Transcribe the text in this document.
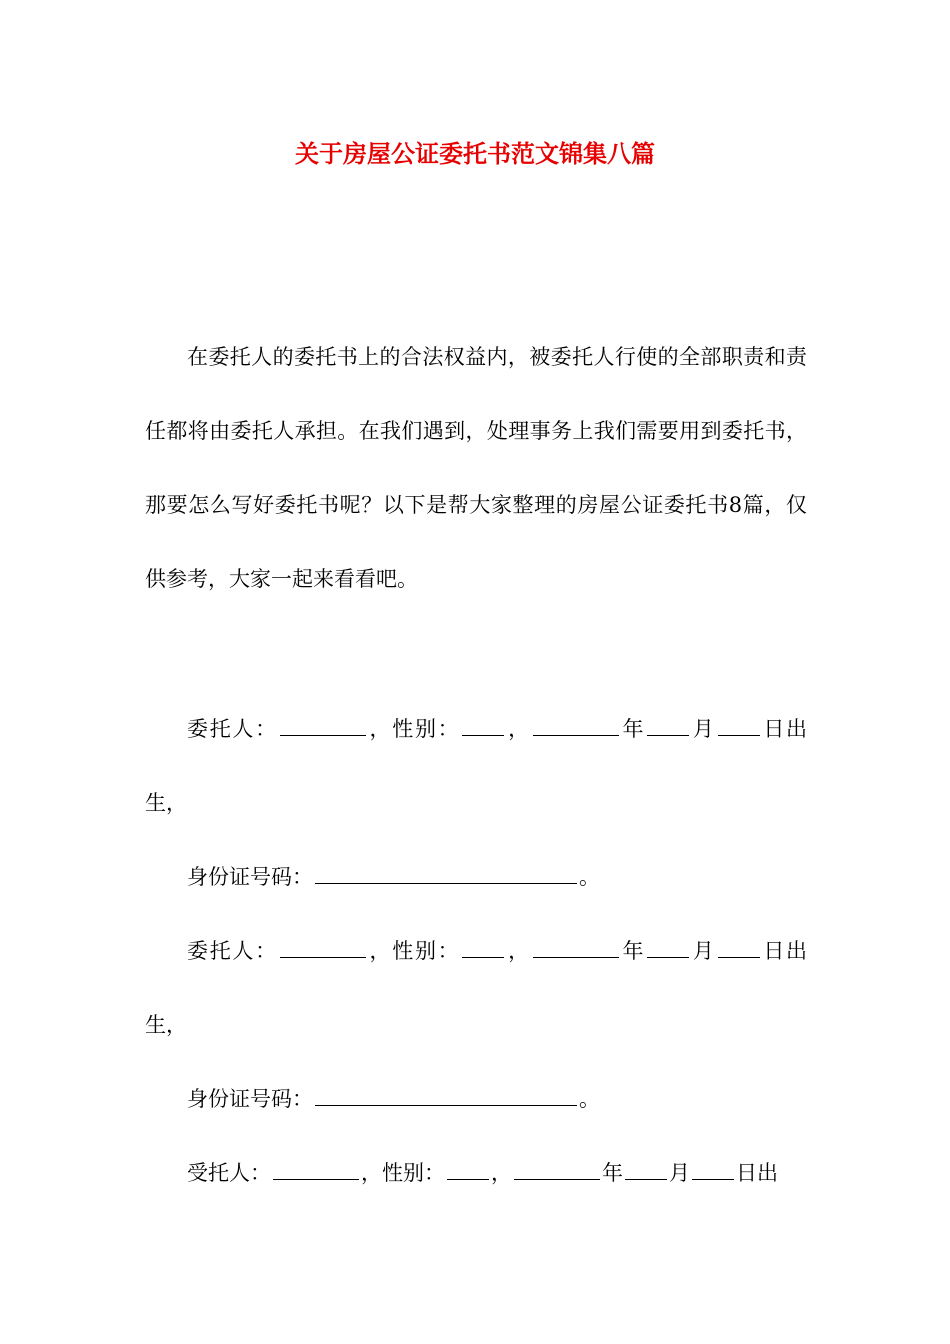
关于房屋公证委托书范文锦集八篇

在委托人的委托书上的合法权益内，被委托人行使的全部职责和责任都将由委托人承担。在我们遇到，处理事务上我们需要用到委托书，那要怎么写好委托书呢？以下是帮大家整理的房屋公证委托书8篇，仅供参考，大家一起来看看吧。

委托人：	，性别： ，	年 月 日出生，

身份证号码：	。

委托人：	，性别： ，	年 月 日出生，

身份证号码：	。

受托人：	，性别： ，	年 月 日出
